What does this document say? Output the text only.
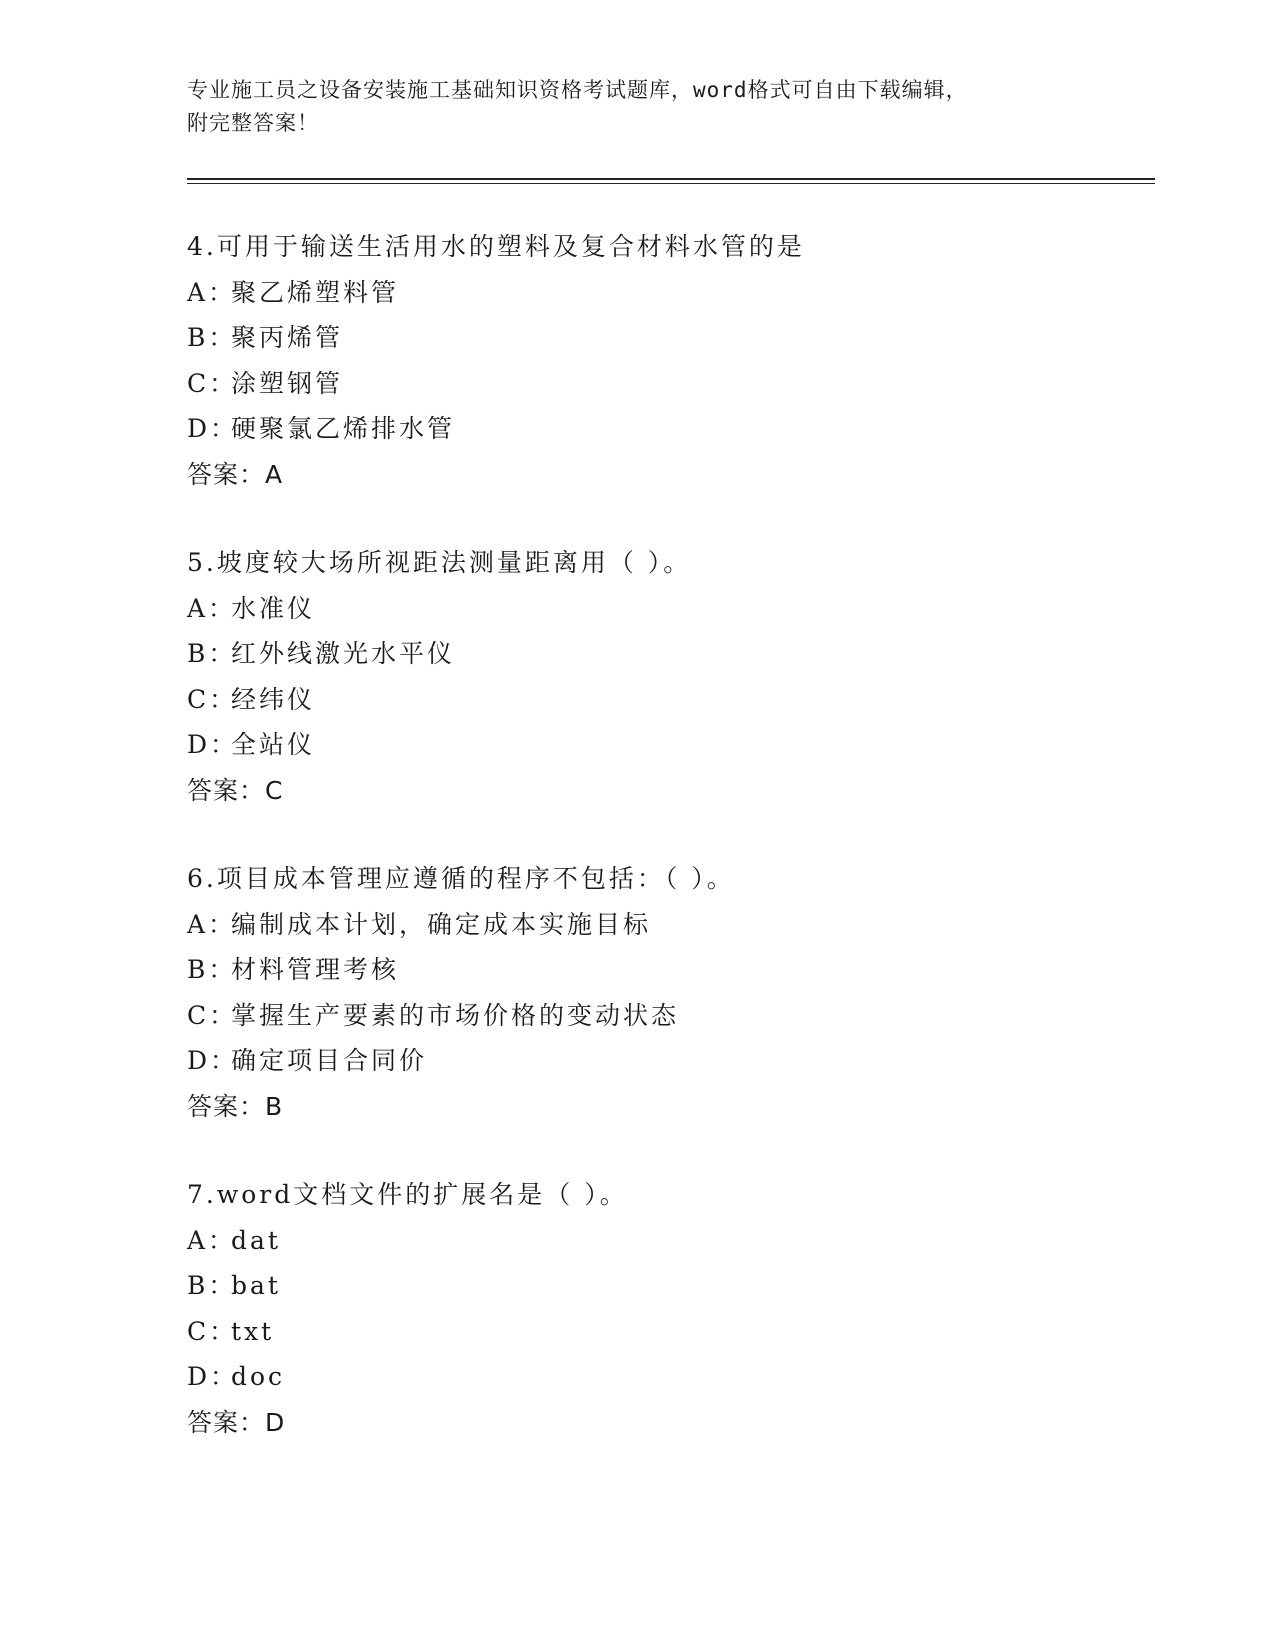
专业施工员之设备安装施工基础知识资格考试题库，word格式可自由下载编辑，
附完整答案！
4.可用于输送生活用水的塑料及复合材料水管的是
A：聚乙烯塑料管
B：聚丙烯管
C：涂塑钢管
D：硬聚氯乙烯排水管
答案：A
5.坡度较大场所视距法测量距离用（ ）。
A：水准仪
B：红外线激光水平仪
C：经纬仪
D：全站仪
答案：C
6.项目成本管理应遵循的程序不包括：（ ）。
A：编制成本计划，确定成本实施目标
B：材料管理考核
C：掌握生产要素的市场价格的变动状态
D：确定项目合同价
答案：B
7.word文档文件的扩展名是（ ）。
A：dat
B：bat
C：txt
D：doc
答案：D
